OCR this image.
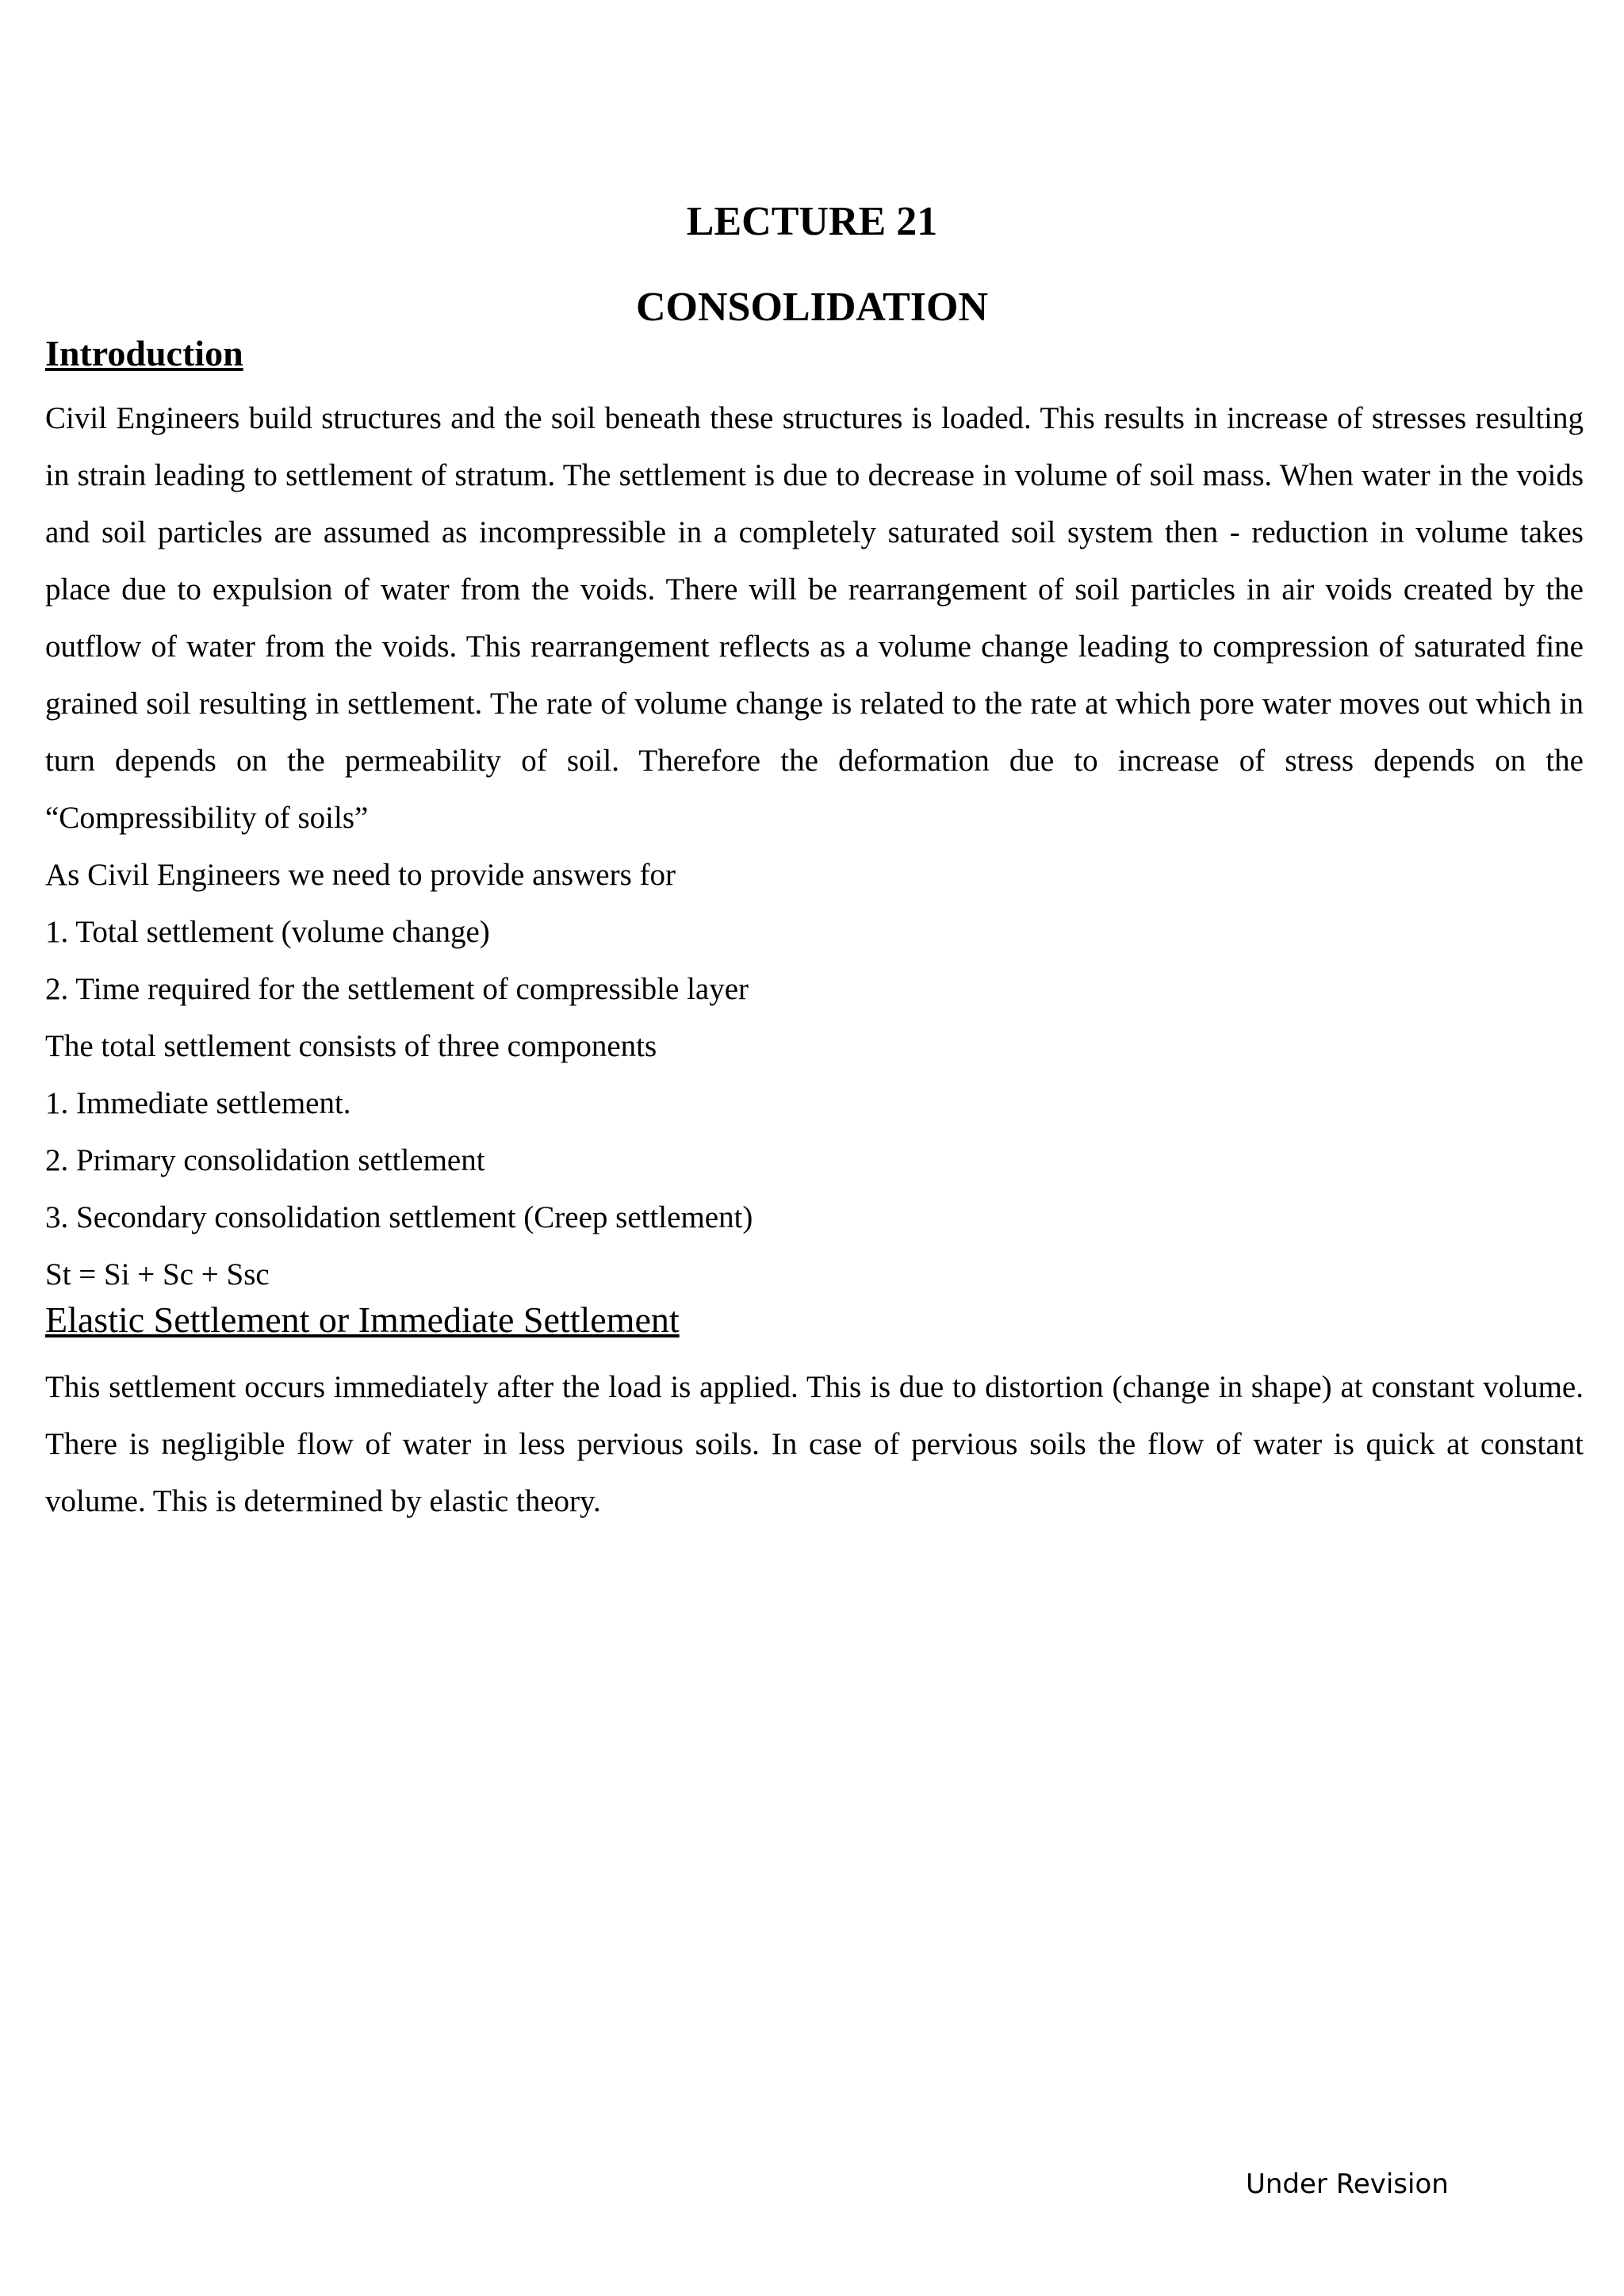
LECTURE 21
CONSOLIDATION
Introduction

Civil Engineers build structures and the soil beneath these structures is loaded. This results in increase of stresses resulting in strain leading to settlement of stratum. The settlement is due to decrease in volume of soil mass. When water in the voids and soil particles are assumed as incompressible in a completely saturated soil system then - reduction in volume takes place due to expulsion of water from the voids. There will be rearrangement of soil particles in air voids created by the outflow of water from the voids. This rearrangement reflects as a volume change leading to compression of saturated fine grained soil resulting in settlement. The rate of volume change is related to the rate at which pore water moves out which in turn depends on the permeability of soil. Therefore the deformation due to increase of stress depends on the “Compressibility of soils”

As Civil Engineers we need to provide answers for

1. Total settlement (volume change)

2. Time required for the settlement of compressible layer

The total settlement consists of three components

1. Immediate settlement.

2. Primary consolidation settlement

3. Secondary consolidation settlement (Creep settlement)

St = Si + Sc + Ssc

Elastic Settlement or Immediate Settlement

This settlement occurs immediately after the load is applied. This is due to distortion (change in shape) at constant volume. There is negligible flow of water in less pervious soils. In case of pervious soils the flow of water is quick at constant volume. This is determined by elastic theory.

Under Revision
